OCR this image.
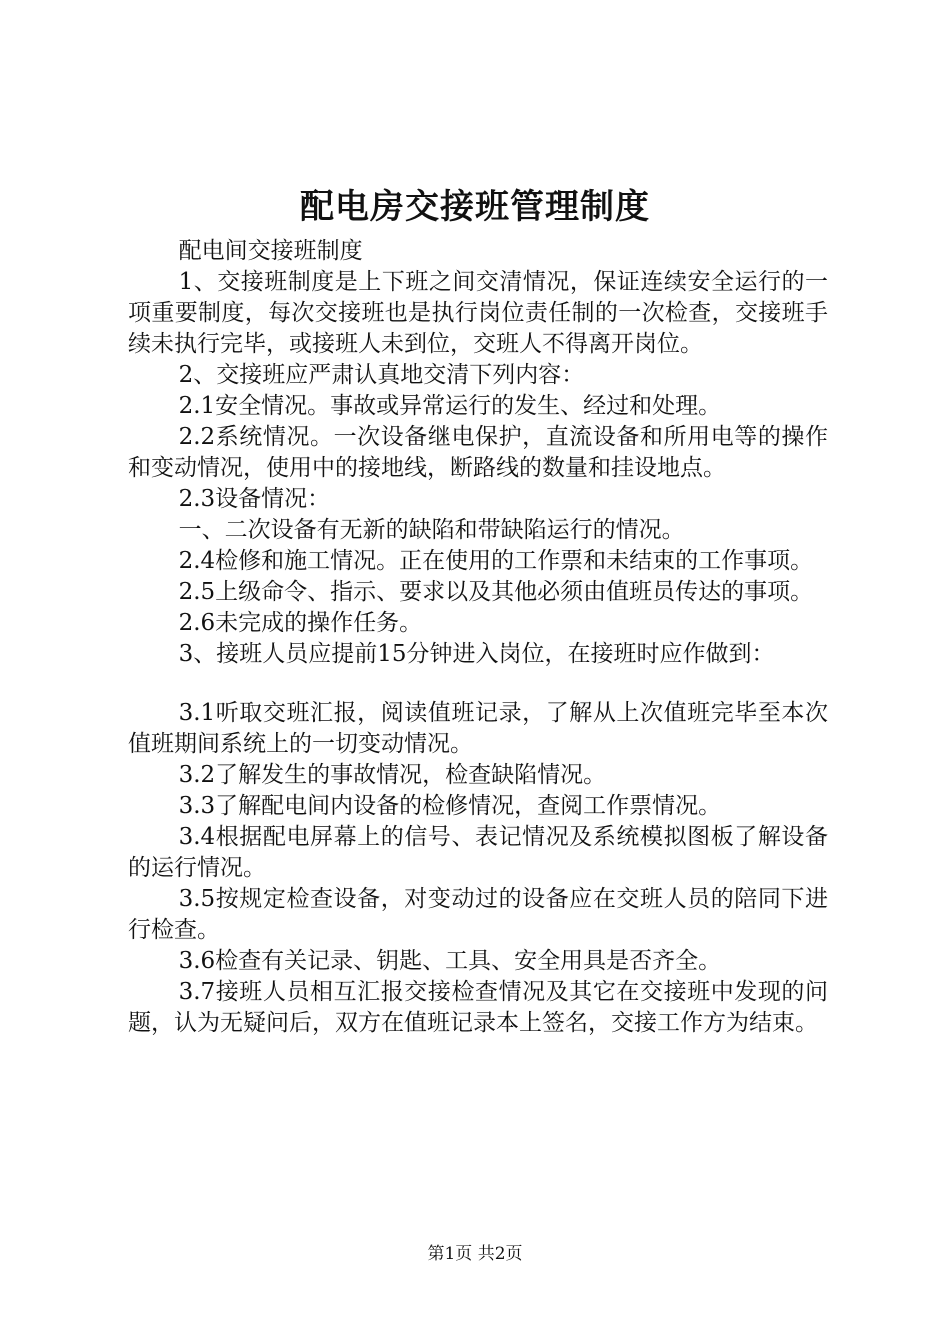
配电房交接班管理制度

配电间交接班制度

1、交接班制度是上下班之间交清情况，保证连续安全运行的一项重要制度，每次交接班也是执行岗位责任制的一次检查，交接班手续未执行完毕，或接班人未到位，交班人不得离开岗位。

2、交接班应严肃认真地交清下列内容：

2.1安全情况。事故或异常运行的发生、经过和处理。

2.2系统情况。一次设备继电保护，直流设备和所用电等的操作和变动情况，使用中的接地线，断路线的数量和挂设地点。

2.3设备情况：

一、二次设备有无新的缺陷和带缺陷运行的情况。

2.4检修和施工情况。正在使用的工作票和未结束的工作事项。

2.5上级命令、指示、要求以及其他必须由值班员传达的事项。

2.6未完成的操作任务。

3、接班人员应提前15分钟进入岗位，在接班时应作做到：

3.1听取交班汇报，阅读值班记录，了解从上次值班完毕至本次值班期间系统上的一切变动情况。

3.2了解发生的事故情况，检查缺陷情况。

3.3了解配电间内设备的检修情况，查阅工作票情况。

3.4根据配电屏幕上的信号、表记情况及系统模拟图板了解设备的运行情况。

3.5按规定检查设备，对变动过的设备应在交班人员的陪同下进行检查。

3.6检查有关记录、钥匙、工具、安全用具是否齐全。

3.7接班人员相互汇报交接检查情况及其它在交接班中发现的问题，认为无疑问后，双方在值班记录本上签名，交接工作方为结束。

第1页 共2页
